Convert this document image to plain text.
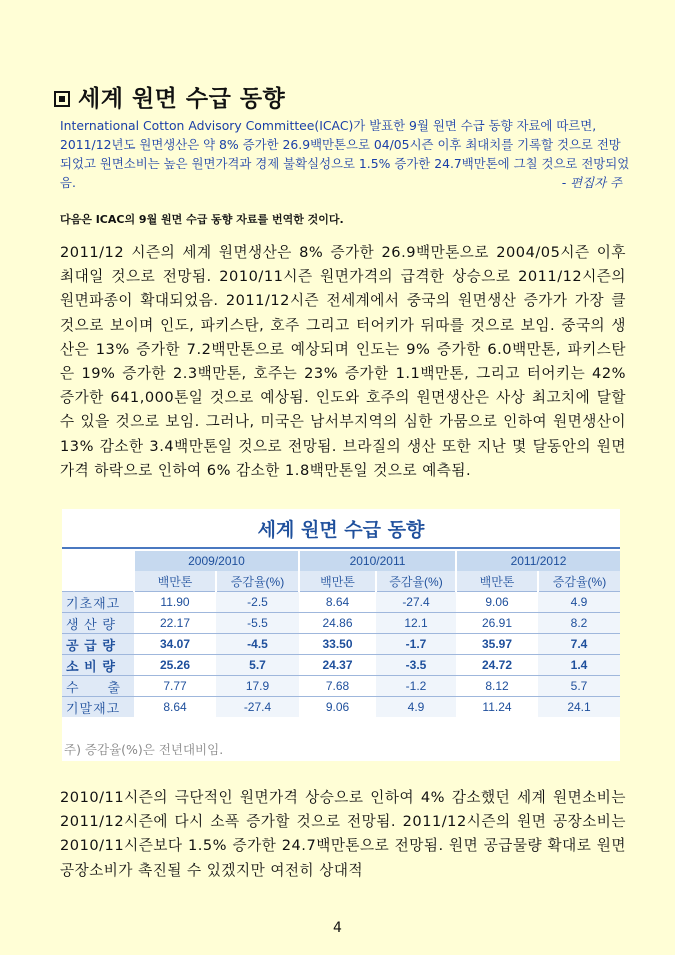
세계 원면 수급 동향
International Cotton Advisory Committee(ICAC)가 발표한 9월 원면 수급 동향 자료에 따르면, 2011/12년도 원면생산은 약 8% 증가한 26.9백만톤으로 04/05시즌 이후 최대치를 기록할 것으로 전망되었고 원면소비는 높은 원면가격과 경제 불확실성으로 1.5% 증가한 24.7백만톤에 그칠 것으로 전망되었음.	- 편집자 주
다음은 ICAC의 9월 원면 수급 동향 자료를 번역한 것이다.
2011/12 시즌의 세계 원면생산은 8% 증가한 26.9백만톤으로 2004/05시즌 이후 최대일 것으로 전망됨. 2010/11시즌 원면가격의 급격한 상승으로 2011/12시즌의 원면파종이 확대되었음. 2011/12시즌 전세계에서 중국의 원면생산 증가가 가장 클 것으로 보이며 인도, 파키스탄, 호주 그리고 터어키가 뒤따를 것으로 보임. 중국의 생산은 13% 증가한 7.2백만톤으로 예상되며 인도는 9% 증가한 6.0백만톤, 파키스탄은 19% 증가한 2.3백만톤, 호주는 23% 증가한 1.1백만톤, 그리고 터어키는 42% 증가한 641,000톤일 것으로 예상됨. 인도와 호주의 원면생산은 사상 최고치에 달할 수 있을 것으로 보임. 그러나, 미국은 남서부지역의 심한 가뭄으로 인하여 원면생산이 13% 감소한 3.4백만톤일 것으로 전망됨. 브라질의 생산 또한 지난 몇 달동안의 원면가격 하락으로 인하여 6% 감소한 1.8백만톤일 것으로 예측됨.
세계 원면 수급 동향
	2009/2010		2010/2011		2011/2012	
	백만톤	증감율(%)	백만톤	증감율(%)	백만톤	증감율(%)
기초재고	11.90	-2.5	8.64	-27.4	9.06	4.9
생 산 량	22.17	-5.5	24.86	12.1	26.91	8.2
공 급 량	34.07	-4.5	33.50	-1.7	35.97	7.4
소 비 량	25.26	5.7	24.37	-3.5	24.72	1.4
수　　출	7.77	17.9	7.68	-1.2	8.12	5.7
기말재고	8.64	-27.4	9.06	4.9	11.24	24.1
주) 증감율(%)은 전년대비임.
2010/11시즌의 극단적인 원면가격 상승으로 인하여 4% 감소했던 세계 원면소비는 2011/12시즌에 다시 소폭 증가할 것으로 전망됨. 2011/12시즌의 원면 공장소비는 2010/11시즌보다 1.5% 증가한 24.7백만톤으로 전망됨. 원면 공급물량 확대로 원면 공장소비가 촉진될 수 있겠지만 여전히 상대적
4
